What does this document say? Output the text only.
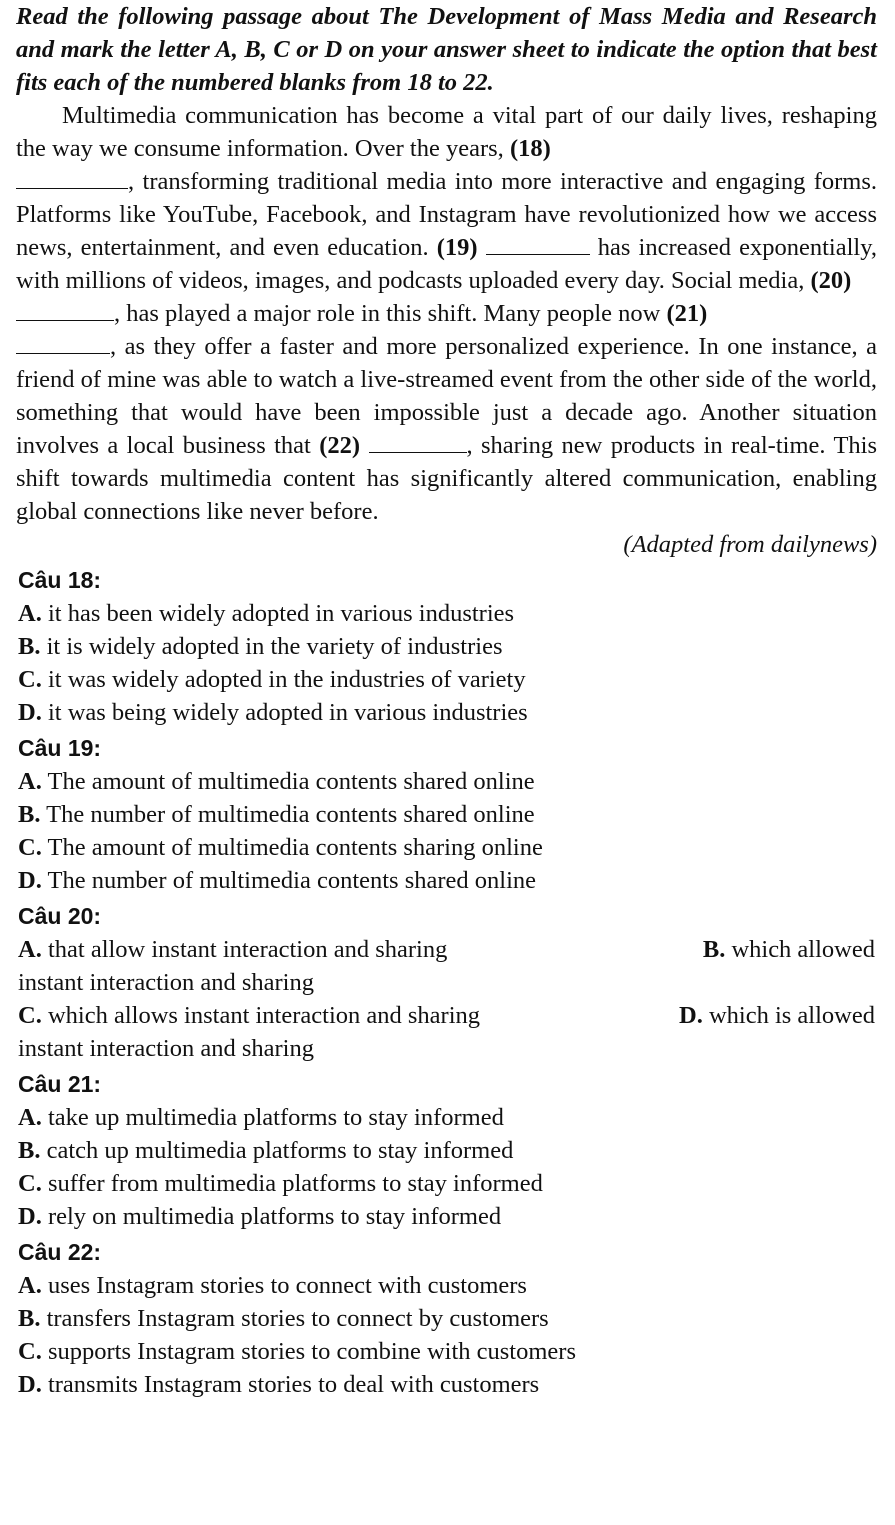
Read the following passage about The Development of Mass Media and Research and mark the letter A, B, C or D on your answer sheet to indicate the option that best fits each of the numbered blanks from 18 to 22.

Multimedia communication has become a vital part of our daily lives, reshaping the way we consume information. Over the years, (18)
, transforming traditional media into more interactive and engaging forms. Platforms like YouTube, Facebook, and Instagram have revolutionized how we access news, entertainment, and even education. (19)	has increased exponentially, with millions of videos, images, and podcasts uploaded every day. Social media, (20)
, has played a major role in this shift. Many people now (21)
, as they offer a faster and more personalized experience. In one instance, a friend of mine was able to watch a live-streamed event from the other side of the world, something that would have been impossible just a decade ago. Another situation involves a local business that (22)	, sharing new products in real-time. This shift towards multimedia content has significantly altered communication, enabling global connections like never before.

(Adapted from dailynews)

Câu 18:
A. it has been widely adopted in various industries
B. it is widely adopted in the variety of industries
C. it was widely adopted in the industries of variety
D. it was being widely adopted in various industries
Câu 19:
A. The amount of multimedia contents shared online
B. The number of multimedia contents shared online
C. The amount of multimedia contents sharing online
D. The number of multimedia contents shared online
Câu 20:
A. that allow instant interaction and sharing	B. which allowed
instant interaction and sharing
C. which allows instant interaction and sharing	D. which is allowed
instant interaction and sharing
Câu 21:
A. take up multimedia platforms to stay informed
B. catch up multimedia platforms to stay informed
C. suffer from multimedia platforms to stay informed
D. rely on multimedia platforms to stay informed
Câu 22:
A. uses Instagram stories to connect with customers
B. transfers Instagram stories to connect by customers
C. supports Instagram stories to combine with customers
D. transmits Instagram stories to deal with customers
